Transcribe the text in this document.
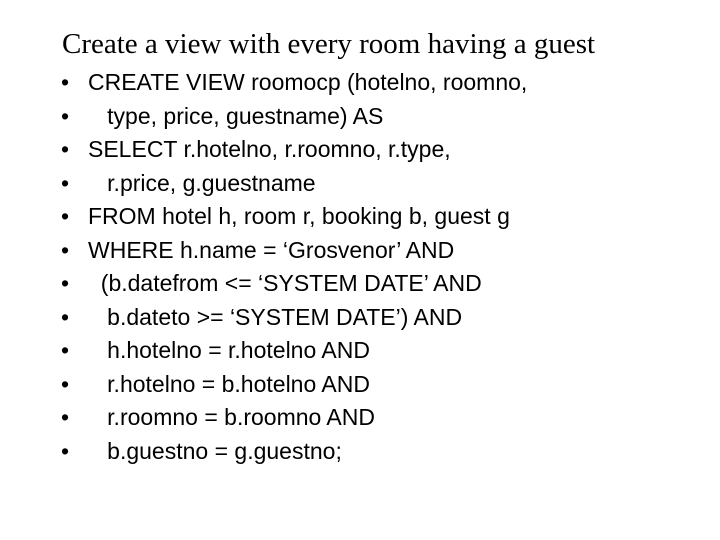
Create a view with every room having a guest
• CREATE VIEW roomocp (hotelno, roomno,
• type, price, guestname) AS
• SELECT r.hotelno, r.roomno, r.type,
• r.price, g.guestname
• FROM hotel h, room r, booking b, guest g
• WHERE h.name = ‘Grosvenor’ AND
• (b.datefrom <= ‘SYSTEM DATE’ AND
• b.dateto >= ‘SYSTEM DATE’) AND
• h.hotelno = r.hotelno AND
• r.hotelno = b.hotelno AND
• r.roomno = b.roomno AND
• b.guestno = g.guestno;
